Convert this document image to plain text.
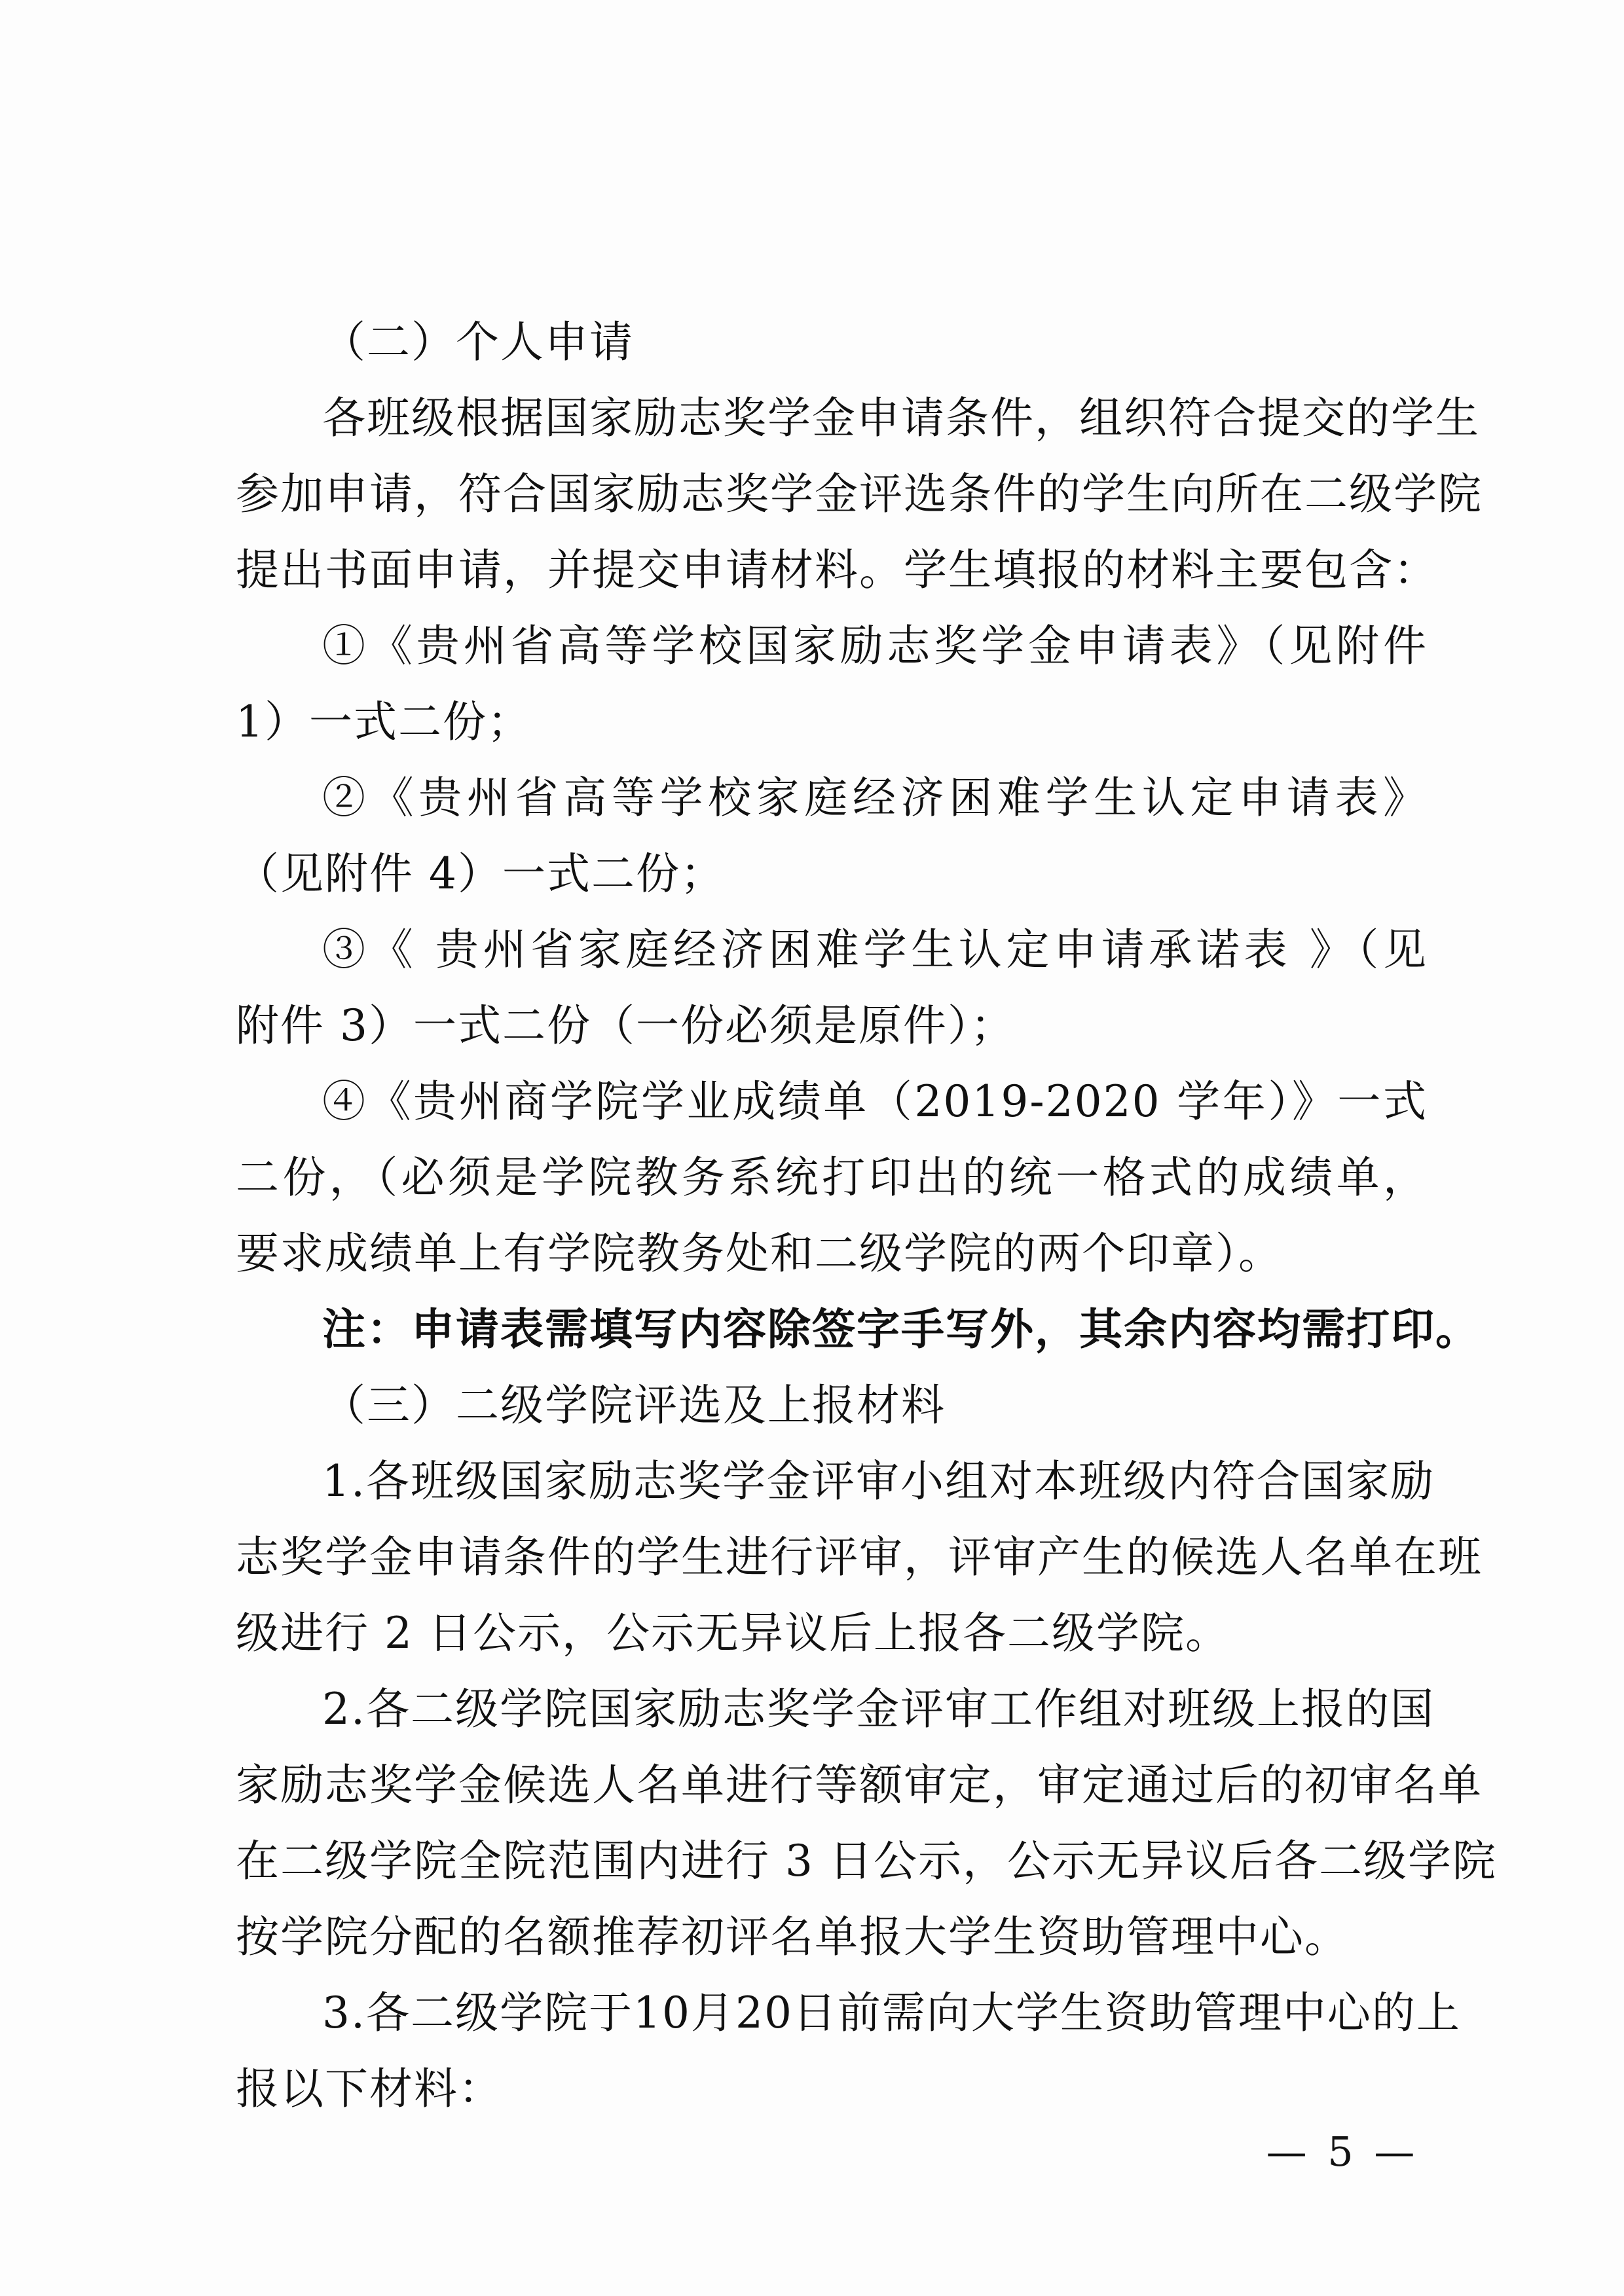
（二）个人申请
各班级根据国家励志奖学金申请条件，组织符合提交的学生
参加申请，符合国家励志奖学金评选条件的学生向所在二级学院
提出书面申请，并提交申请材料。学生填报的材料主要包含：
①《贵州省高等学校国家励志奖学金申请表》（见附件
1）一式二份；
②《贵州省高等学校家庭经济困难学生认定申请表》
（见附件 4）一式二份；
③《 贵州省家庭经济困难学生认定申请承诺表 》（见
附件 3）一式二份（一份必须是原件）；
④《贵州商学院学业成绩单（2019-2020 学年）》一式
二份，（必须是学院教务系统打印出的统一格式的成绩单，
要求成绩单上有学院教务处和二级学院的两个印章）。
注：申请表需填写内容除签字手写外，其余内容均需打印。
（三）二级学院评选及上报材料
1.各班级国家励志奖学金评审小组对本班级内符合国家励
志奖学金申请条件的学生进行评审，评审产生的候选人名单在班
级进行 2 日公示，公示无异议后上报各二级学院。
2.各二级学院国家励志奖学金评审工作组对班级上报的国
家励志奖学金候选人名单进行等额审定，审定通过后的初审名单
在二级学院全院范围内进行 3 日公示，公示无异议后各二级学院
按学院分配的名额推荐初评名单报大学生资助管理中心。
3.各二级学院于10月20日前需向大学生资助管理中心的上
报以下材料：
— 5 —
